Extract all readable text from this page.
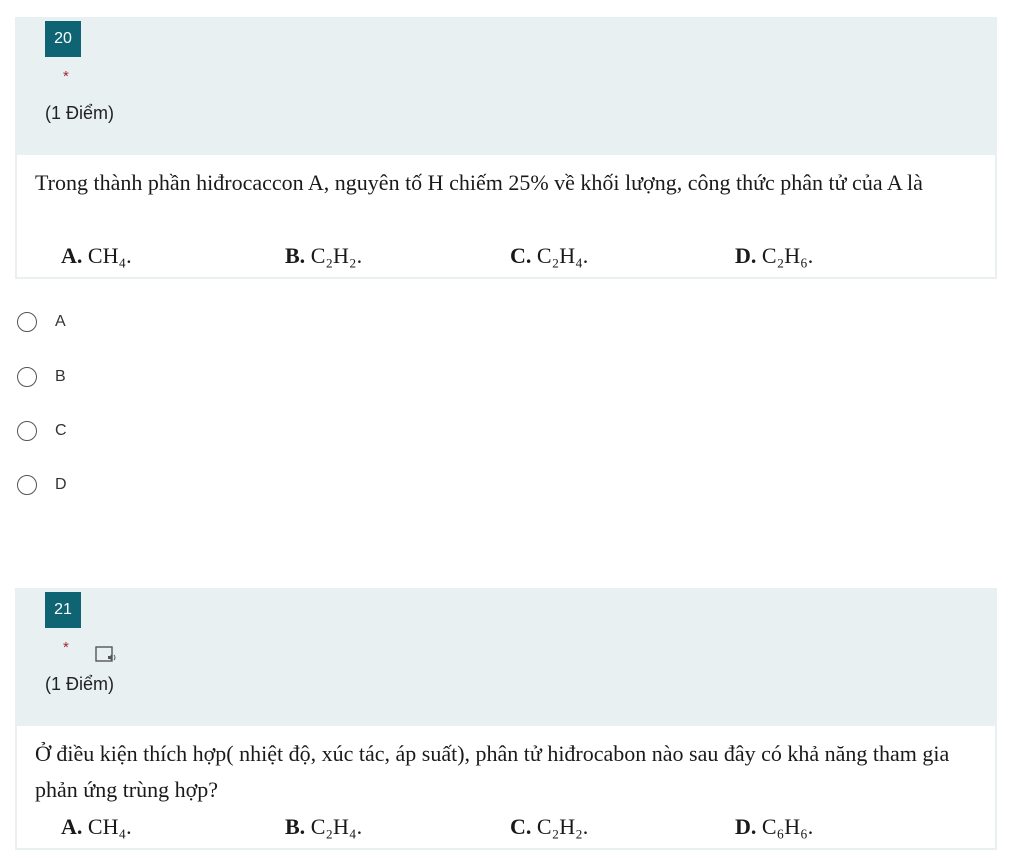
20
*
(1 Điểm)
Trong thành phần hiđrocaccon A, nguyên tố H chiếm 25% về khối lượng, công thức phân tử của A là
A. CH₄.	B. C₂H₂.	C. C₂H₄.	D. C₂H₆.
A
B
C
D
21
*
(1 Điểm)
Ở điều kiện thích hợp( nhiệt độ, xúc tác, áp suất), phân tử hiđrocabon nào sau đây có khả năng tham gia phản ứng trùng hợp?
A. CH₄.	B. C₂H₄.	C. C₂H₂.	D. C₆H₆.
